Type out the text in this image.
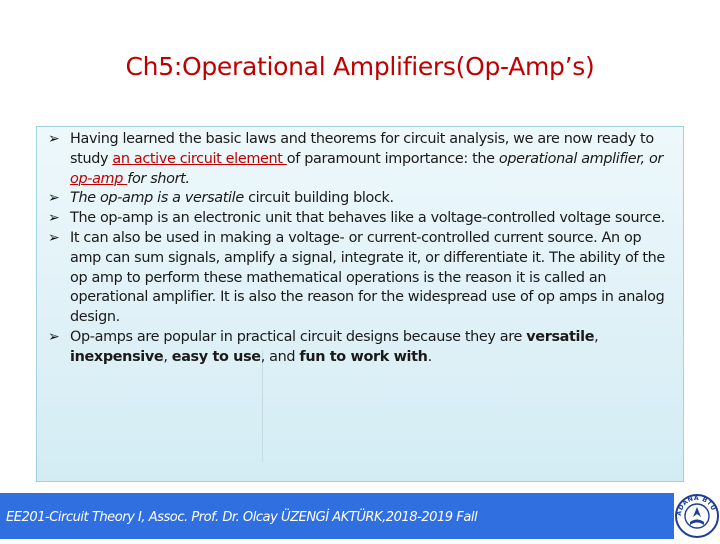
Ch5:Operational Amplifiers(Op-Amp’s)
➢ Having learned the basic laws and theorems for circuit analysis, we are now ready to study an active circuit element of paramount importance: the operational amplifier, or op-amp for short.
➢ The op-amp is a versatile circuit building block.
➢ The op-amp is an electronic unit that behaves like a voltage-controlled voltage source.
➢ It can also be used in making a voltage- or current-controlled current source. An op amp can sum signals, amplify a signal, integrate it, or differentiate it. The ability of the op amp to perform these mathematical operations is the reason it is called an operational amplifier. It is also the reason for the widespread use of op amps in analog design.
➢ Op-amps are popular in practical circuit designs because they are versatile, inexpensive, easy to use, and fun to work with.
EE201-Circuit Theory I, Assoc. Prof. Dr. Olcay ÜZENGİ AKTÜRK,2018-2019 Fall	ADANA BTÜ
